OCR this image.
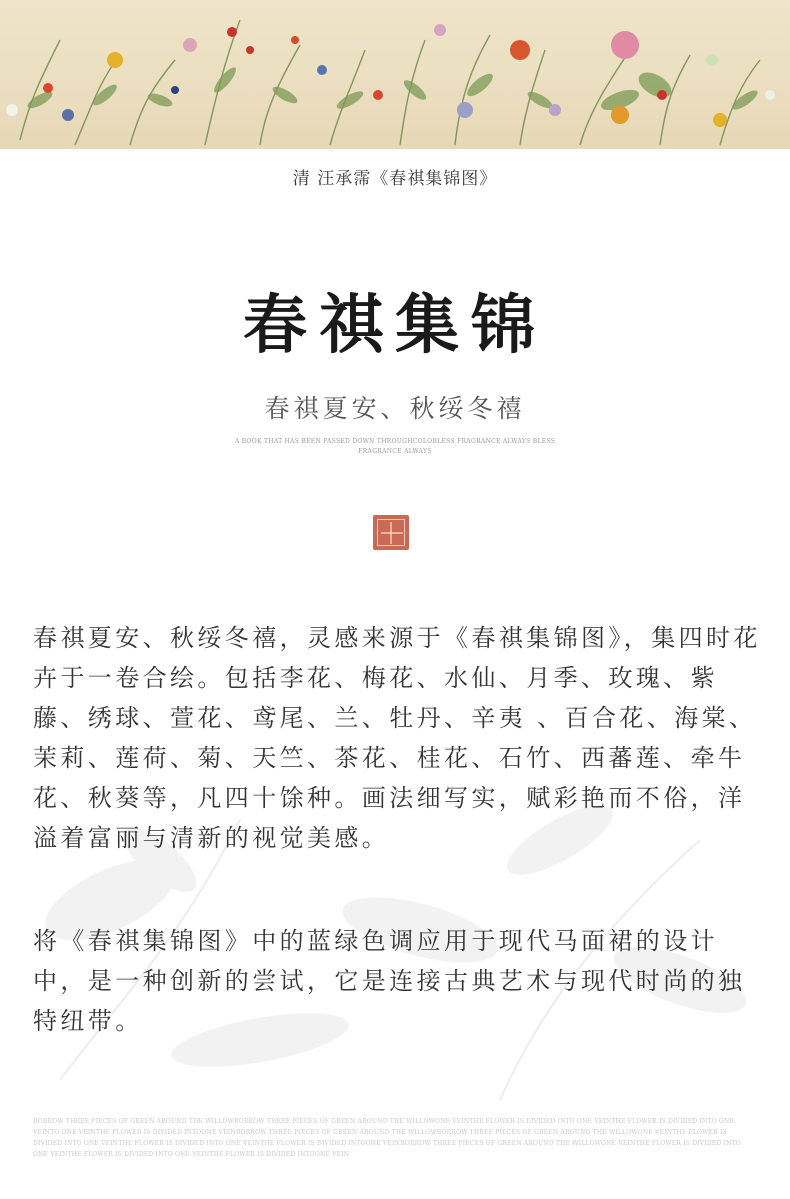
清 汪承霈《春祺集锦图》
春祺集锦
春祺夏安、秋绥冬禧
A BOOK THAT HAS BEEN PASSED DOWN THROUGHCOLORLESS FRAGRANCE ALWAYS BLESS FRAGRANCE ALWAYS

春祺夏安、秋绥冬禧，灵感来源于《春祺集锦图》，集四时花卉于一卷合绘。包括李花、梅花、水仙、月季、玫瑰、紫藤、绣球、萱花、鸢尾、兰、牡丹、辛夷 、百合花、海棠、茉莉、莲荷、菊、天竺、茶花、桂花、石竹、西蕃莲、牵牛花、秋葵等，凡四十馀种。画法细写实，赋彩艳而不俗，洋溢着富丽与清新的视觉美感。

将《春祺集锦图》中的蓝绿色调应用于现代马面裙的设计中，是一种创新的尝试，它是连接古典艺术与现代时尚的独特纽带。

BORROW THREE PIECES OF GREEN AROUND THE WILLOWBORROW THREE PIECES OF GREEN AROUND THE WILLOWONE VEINTHE FLOWER IS DIVIDED INTO ONE VEINTHE FLOWER IS DIVIDED INTO ONE VEINTO ONE VEINTHE FLOWER IS DIVIDED INTOONE VEINBORROW THREE PIECES OF GREEN AROUND THE WILLOWBORROW THREE PIECES OF GREEN AROUND THE WILLOWONE VEINTHE FLOWER IS DIVIDED INTO ONE VEINTHE FLOWER IS DIVIDED INTO ONE VEINTHE FLOWER IS DIVIDED INTOONE VEINBORROW THREE PIECES OF GREEN AROUND THE WILLOWONE VEINTHE FLOWER IS DIVIDED INTO ONE VEINTHE FLOWER IS DIVIDED INTO ONE VEINTHE FLOWER IS DIVIDED INTOONE VEIN
